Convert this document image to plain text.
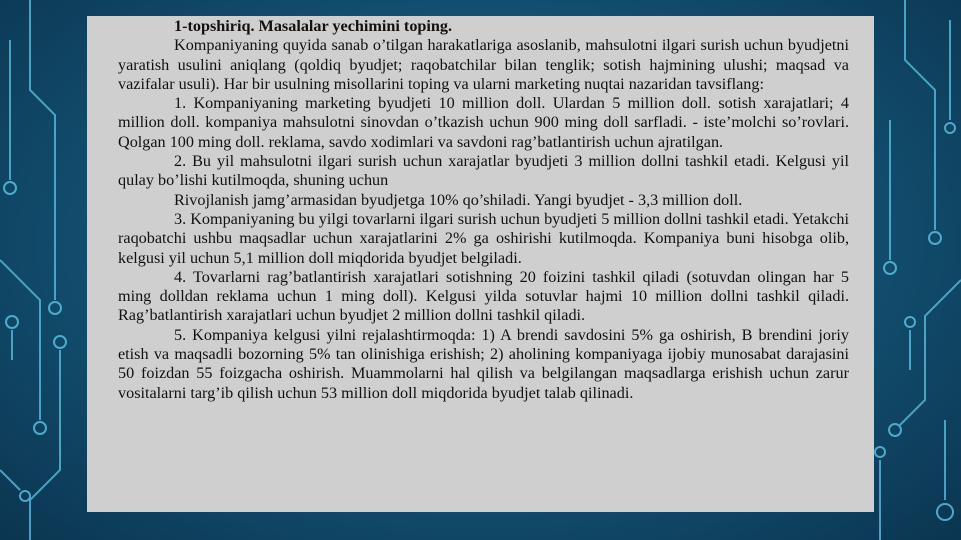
1-topshiriq. Masalalar yechimini toping.

Kompaniyaning quyida sanab o’tilgan harakatlariga asoslanib, mahsulotni ilgari surish uchun byudjetni yaratish usulini aniqlang (qoldiq byudjet; raqobatchilar bilan tenglik; sotish hajmining ulushi; maqsad va vazifalar usuli). Har bir usulning misollarini toping va ularni marketing nuqtai nazaridan tavsiflang:

1. Kompaniyaning marketing byudjeti 10 million doll. Ulardan 5 million doll. sotish xarajatlari; 4 million doll. kompaniya mahsulotni sinovdan o’tkazish uchun 900 ming doll sarfladi. - iste’molchi so’rovlari. Qolgan 100 ming doll. reklama, savdo xodimlari va savdoni rag’batlantirish uchun ajratilgan.

2. Bu yil mahsulotni ilgari surish uchun xarajatlar byudjeti 3 million dollni tashkil etadi. Kelgusi yil qulay bo’lishi kutilmoqda, shuning uchun

Rivojlanish jamg’armasidan byudjetga 10% qo’shiladi. Yangi byudjet - 3,3 million doll.

3. Kompaniyaning bu yilgi tovarlarni ilgari surish uchun byudjeti 5 million dollni tashkil etadi. Yetakchi raqobatchi ushbu maqsadlar uchun xarajatlarini 2% ga oshirishi kutilmoqda. Kompaniya buni hisobga olib, kelgusi yil uchun 5,1 million doll miqdorida byudjet belgiladi.

4. Tovarlarni rag’batlantirish xarajatlari sotishning 20 foizini tashkil qiladi (sotuvdan olingan har 5 ming dolldan reklama uchun 1 ming doll). Kelgusi yilda sotuvlar hajmi 10 million dollni tashkil qiladi. Rag’batlantirish xarajatlari uchun byudjet 2 million dollni tashkil qiladi.

5. Kompaniya kelgusi yilni rejalashtirmoqda: 1) A brendi savdosini 5% ga oshirish, B brendini joriy etish va maqsadli bozorning 5% tan olinishiga erishish; 2) aholining kompaniyaga ijobiy munosabat darajasini 50 foizdan 55 foizgacha oshirish. Muammolarni hal qilish va belgilangan maqsadlarga erishish uchun zarur vositalarni targ’ib qilish uchun 53 million doll miqdorida byudjet talab qilinadi.
